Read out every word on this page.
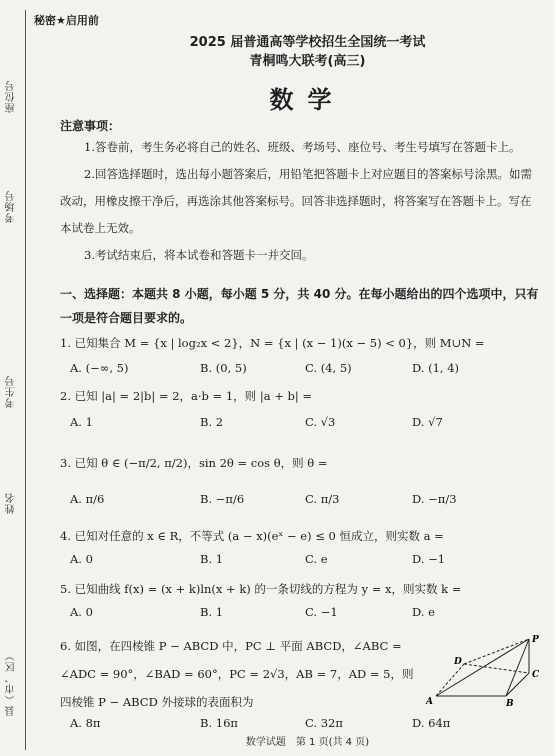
座位号
考场号
考生号
姓名
县（市、区）
秘密★启用前
2025 届普通高等学校招生全国统一考试
青桐鸣大联考(高三)
数学
注意事项：
1.答卷前，考生务必将自己的姓名、班级、考场号、座位号、考生号填写在答题卡上。
2.回答选择题时，选出每小题答案后，用铅笔把答题卡上对应题目的答案标号涂黑。如需改动，用橡皮擦干净后，再选涂其他答案标号。回答非选择题时，将答案写在答题卡上。写在本试卷上无效。
3.考试结束后，将本试卷和答题卡一并交回。
一、选择题：本题共 8 小题，每小题 5 分，共 40 分。在每小题给出的四个选项中，只有一项是符合题目要求的。
1. 已知集合 M = {x | log₂x < 2}，N = {x | (x − 1)(x − 5) < 0}，则 M∪N =
A. (−∞, 5)	B. (0, 5)	C. (4, 5)	D. (1, 4)
2. 已知 |a| = 2|b| = 2，a·b = 1，则 |a + b| =
A. 1	B. 2	C. √3	D. √7
3. 已知 θ ∈ (−π/2, π/2)，sin 2θ = cos θ，则 θ =
A. π/6	B. −π/6	C. π/3	D. −π/3
4. 已知对任意的 x ∈ R，不等式 (a − x)(eˣ − e) ≤ 0 恒成立，则实数 a =
A. 0	B. 1	C. e	D. −1
5. 已知曲线 f(x) = (x + k)ln(x + k) 的一条切线的方程为 y = x，则实数 k =
A. 0	B. 1	C. −1	D. e
6. 如图，在四棱锥 P − ABCD 中，PC ⊥ 平面 ABCD，∠ABC = ∠ADC = 90°，∠BAD = 60°，PC = 2√3，AB = 7，AD = 5，则四棱锥 P − ABCD 外接球的表面积为
A. 8π	B. 16π	C. 32π	D. 64π
P
D
C
A	B
数学试题　第 1 页(共 4 页)
